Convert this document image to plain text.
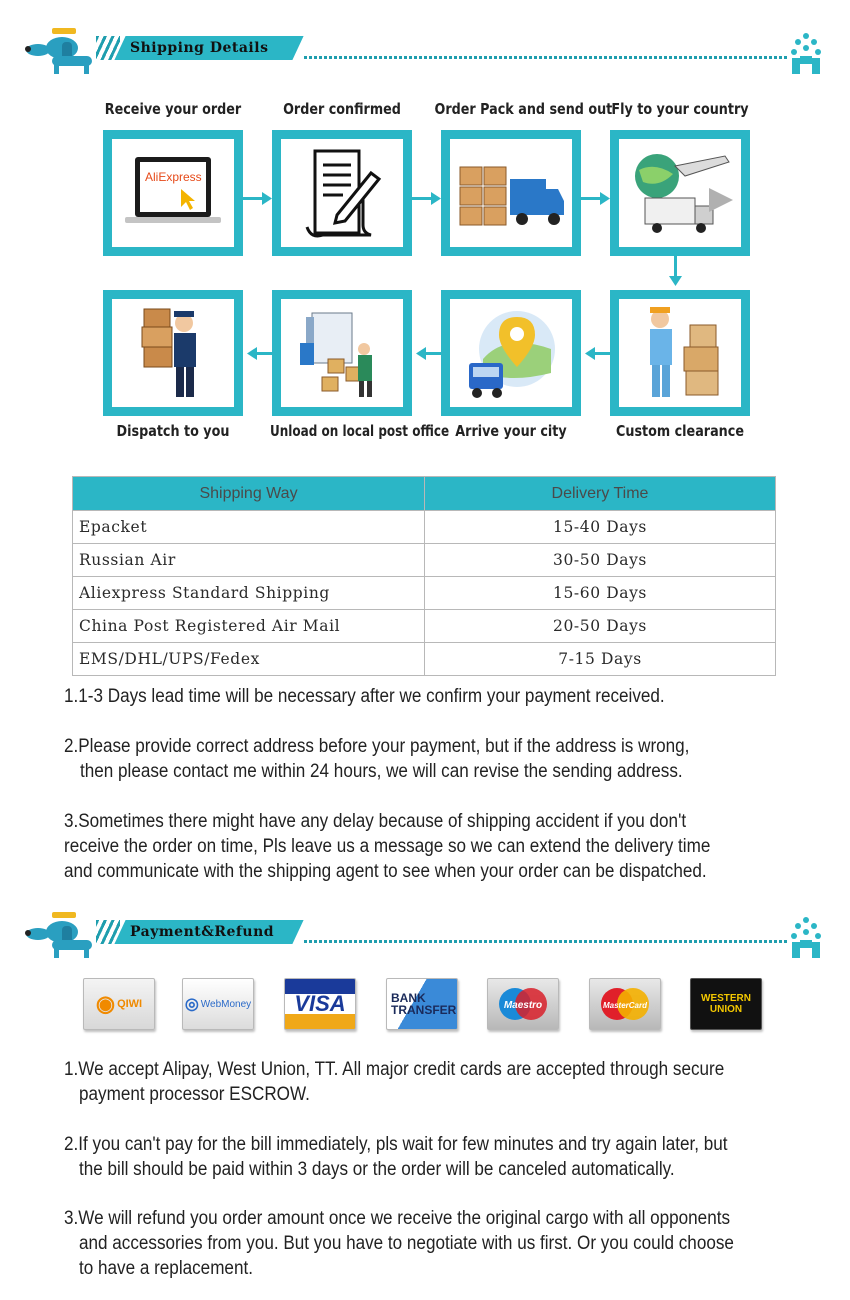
Shipping Details
Receive your order	Order confirmed	Order Pack and send out Fly to your country
AliExpress
Dispatch to you	Unload on local post office Arrive your city	Custom clearance
Shipping Way	Delivery Time
Epacket	15-40 Days
Russian Air	30-50 Days
Aliexpress Standard Shipping	15-60 Days
China Post Registered Air Mail	20-50 Days
EMS/DHL/UPS/Fedex	7-15 Days
1.1-3 Days lead time will be necessary after we confirm your payment received.
2.Please provide correct address before your payment, but if the address is wrong,
then please contact me within 24 hours, we will can revise the sending address.
3.Sometimes there might have any delay because of shipping accident if you don't
receive the order on time, Pls leave us a message so we can extend the delivery time
and communicate with the shipping agent to see when your order can be dispatched.
Payment&Refund
◉ QIWI	◎ WebMoney VISA	BANK
TRANSFER	Maestro	MasterCard
WESTERN
UNION
1.We accept Alipay, West Union, TT. All major credit cards are accepted through secure
payment processor ESCROW.
2.If you can't pay for the bill immediately, pls wait for few minutes and try again later, but
the bill should be paid within 3 days or the order will be canceled automatically.
3.We will refund you order amount once we receive the original cargo with all opponents
and accessories from you. But you have to negotiate with us first. Or you could choose
to have a replacement.
